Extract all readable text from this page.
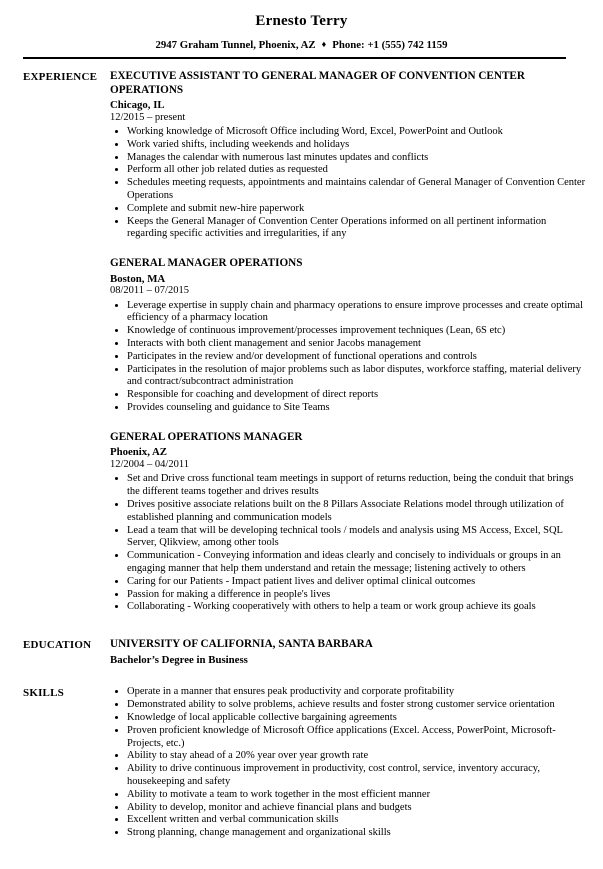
Ernesto Terry
2947 Graham Tunnel, Phoenix, AZ ♦ Phone: +1 (555) 742 1159
EXPERIENCE	EXECUTIVE ASSISTANT TO GENERAL MANAGER OF CONVENTION CENTER OPERATIONS
Chicago, IL
12/2015 – present
• Working knowledge of Microsoft Office including Word, Excel, PowerPoint and Outlook
• Work varied shifts, including weekends and holidays
• Manages the calendar with numerous last minutes updates and conflicts
• Perform all other job related duties as requested
• Schedules meeting requests, appointments and maintains calendar of General Manager of Convention Center Operations
• Complete and submit new-hire paperwork
• Keeps the General Manager of Convention Center Operations informed on all pertinent information regarding specific activities and irregularities, if any
GENERAL MANAGER OPERATIONS
Boston, MA
08/2011 – 07/2015
• Leverage expertise in supply chain and pharmacy operations to ensure improve processes and create optimal efficiency of a pharmacy location
• Knowledge of continuous improvement/processes improvement techniques (Lean, 6S etc)
• Interacts with both client management and senior Jacobs management
• Participates in the review and/or development of functional operations and controls
• Participates in the resolution of major problems such as labor disputes, workforce staffing, material delivery and contract/subcontract administration
• Responsible for coaching and development of direct reports
• Provides counseling and guidance to Site Teams
GENERAL OPERATIONS MANAGER
Phoenix, AZ
12/2004 – 04/2011
• Set and Drive cross functional team meetings in support of returns reduction, being the conduit that brings the different teams together and drives results
• Drives positive associate relations built on the 8 Pillars Associate Relations model through utilization of established planning and communication models
• Lead a team that will be developing technical tools / models and analysis using MS Access, Excel, SQL Server, Qlikview, among other tools
• Communication - Conveying information and ideas clearly and concisely to individuals or groups in an engaging manner that help them understand and retain the message; listening actively to others
• Caring for our Patients - Impact patient lives and deliver optimal clinical outcomes
• Passion for making a difference in people's lives
• Collaborating - Working cooperatively with others to help a team or work group achieve its goals
EDUCATION	UNIVERSITY OF CALIFORNIA, SANTA BARBARA
Bachelor’s Degree in Business
SKILLS	• Operate in a manner that ensures peak productivity and corporate profitability
• Demonstrated ability to solve problems, achieve results and foster strong customer service orientation
• Knowledge of local applicable collective bargaining agreements
• Proven proficient knowledge of Microsoft Office applications (Excel. Access, PowerPoint, Microsoft-Projects, etc.)
• Ability to stay ahead of a 20% year over year growth rate
• Ability to drive continuous improvement in productivity, cost control, service, inventory accuracy, housekeeping and safety
• Ability to motivate a team to work together in the most efficient manner
• Ability to develop, monitor and achieve financial plans and budgets
• Excellent written and verbal communication skills
• Strong planning, change management and organizational skills
